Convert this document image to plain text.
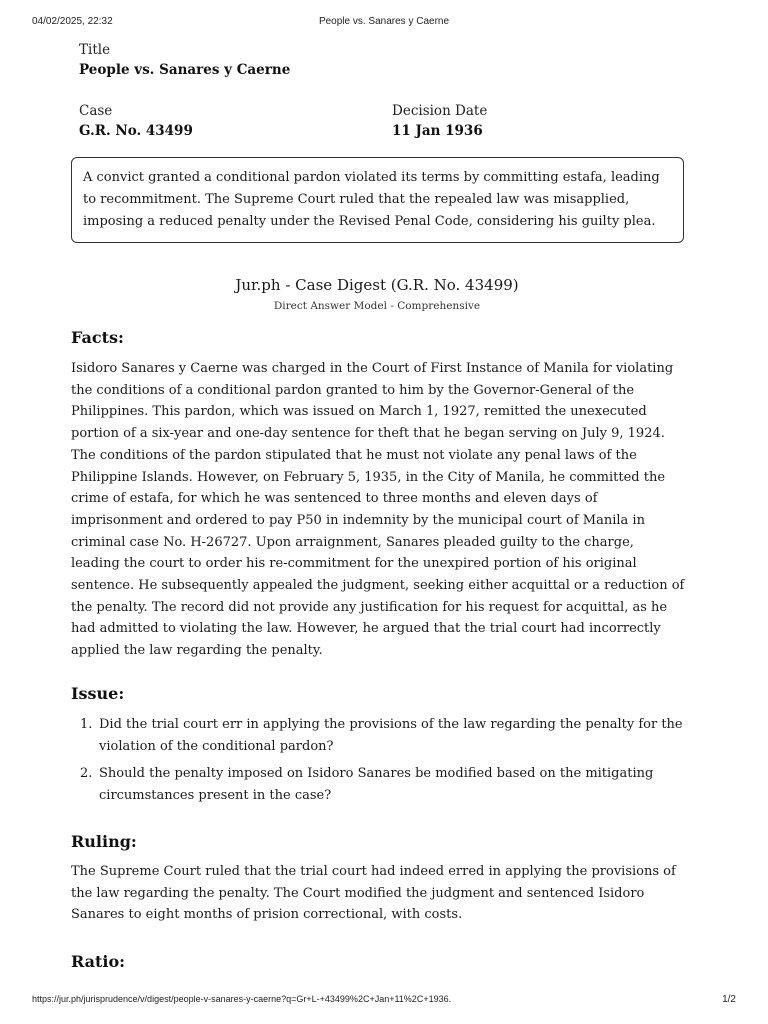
04/02/2025, 22:32	People vs. Sanares y Caerne
Title
People vs. Sanares y Caerne
Case
G.R. No. 43499
Decision Date
11 Jan 1936
A convict granted a conditional pardon violated its terms by committing estafa, leading to recommitment. The Supreme Court ruled that the repealed law was misapplied, imposing a reduced penalty under the Revised Penal Code, considering his guilty plea.
Jur.ph - Case Digest (G.R. No. 43499)
Direct Answer Model - Comprehensive
Facts:
Isidoro Sanares y Caerne was charged in the Court of First Instance of Manila for violating the conditions of a conditional pardon granted to him by the Governor-General of the Philippines. This pardon, which was issued on March 1, 1927, remitted the unexecuted portion of a six-year and one-day sentence for theft that he began serving on July 9, 1924. The conditions of the pardon stipulated that he must not violate any penal laws of the Philippine Islands. However, on February 5, 1935, in the City of Manila, he committed the crime of estafa, for which he was sentenced to three months and eleven days of imprisonment and ordered to pay P50 in indemnity by the municipal court of Manila in criminal case No. H-26727. Upon arraignment, Sanares pleaded guilty to the charge, leading the court to order his re-commitment for the unexpired portion of his original sentence. He subsequently appealed the judgment, seeking either acquittal or a reduction of the penalty. The record did not provide any justification for his request for acquittal, as he had admitted to violating the law. However, he argued that the trial court had incorrectly applied the law regarding the penalty.
Issue:
1. Did the trial court err in applying the provisions of the law regarding the penalty for the violation of the conditional pardon?
2. Should the penalty imposed on Isidoro Sanares be modified based on the mitigating circumstances present in the case?
Ruling:
The Supreme Court ruled that the trial court had indeed erred in applying the provisions of the law regarding the penalty. The Court modified the judgment and sentenced Isidoro Sanares to eight months of prision correctional, with costs.
Ratio:
https://jur.ph/jurisprudence/v/digest/people-v-sanares-y-caerne?q=Gr+L-+43499%2C+Jan+11%2C+1936.	1/2
